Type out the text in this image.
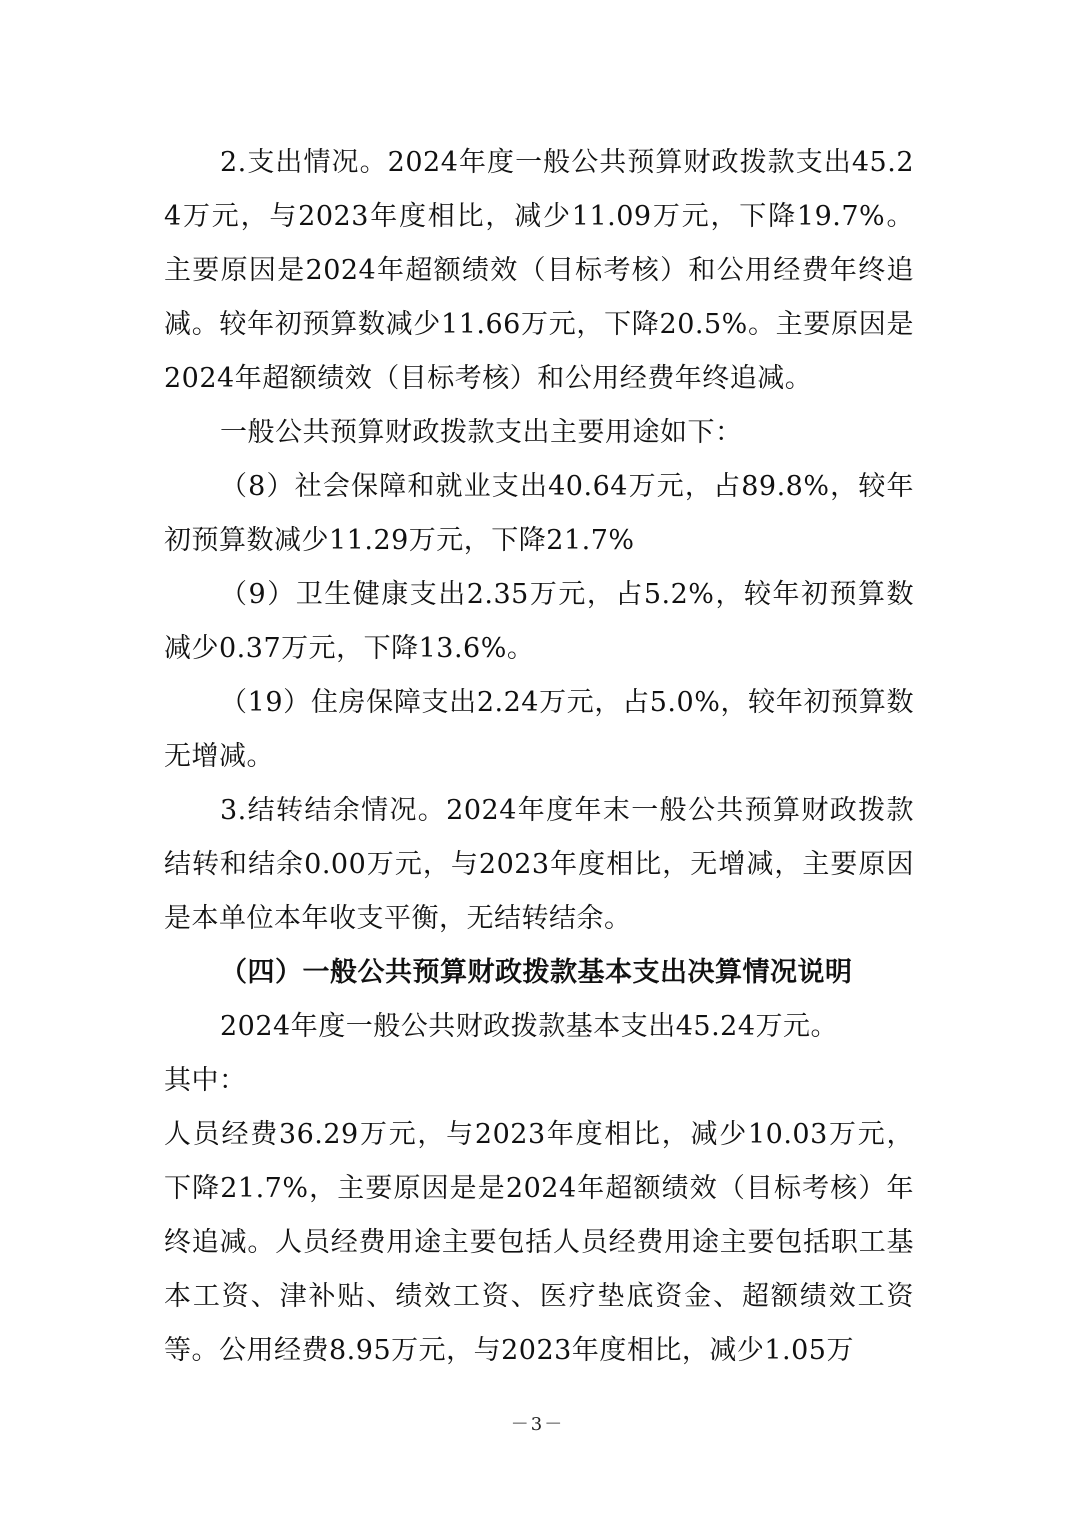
2.支出情况。2024年度一般公共预算财政拨款支出45.24万元，与2023年度相比，减少11.09万元，下降19.7%。主要原因是2024年超额绩效（目标考核）和公用经费年终追减。较年初预算数减少11.66万元，下降20.5%。主要原因是2024年超额绩效（目标考核）和公用经费年终追减。

一般公共预算财政拨款支出主要用途如下：

（8）社会保障和就业支出40.64万元，占89.8%，较年初预算数减少11.29万元，下降21.7%

（9）卫生健康支出2.35万元，占5.2%，较年初预算数减少0.37万元，下降13.6%。

（19）住房保障支出2.24万元，占5.0%，较年初预算数无增减。

3.结转结余情况。2024年度年末一般公共预算财政拨款结转和结余0.00万元，与2023年度相比，无增减，主要原因是本单位本年收支平衡，无结转结余。

（四）一般公共预算财政拨款基本支出决算情况说明

2024年度一般公共财政拨款基本支出45.24万元。

其中：

人员经费36.29万元，与2023年度相比，减少10.03万元，下降21.7%，主要原因是是2024年超额绩效（目标考核）年终追减。人员经费用途主要包括人员经费用途主要包括职工基本工资、津补贴、绩效工资、医疗垫底资金、超额绩效工资等。公用经费8.95万元，与2023年度相比，减少1.05万

－3－
